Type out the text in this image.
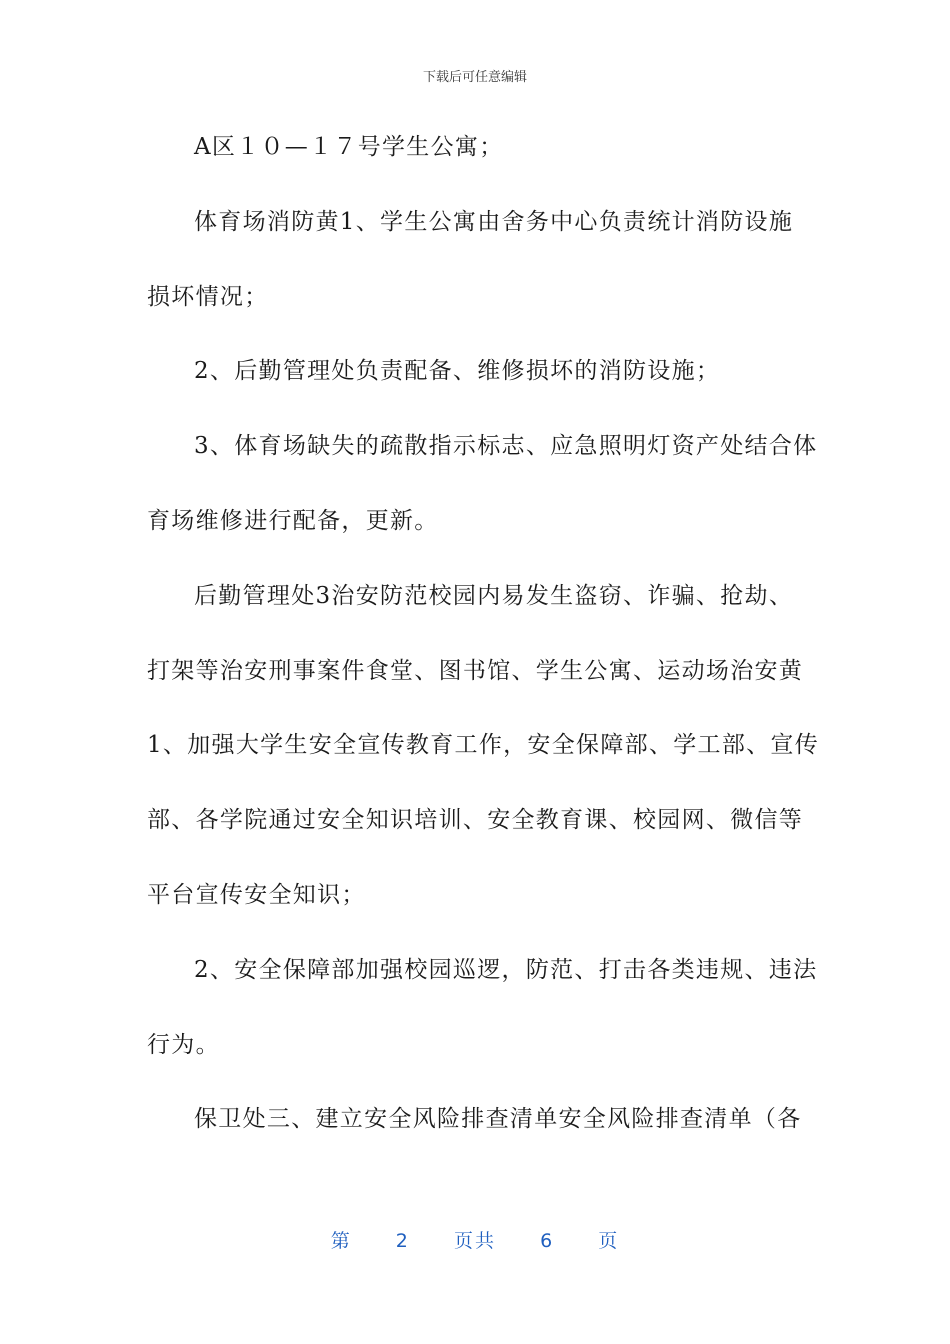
下载后可任意编辑
A区１０—１７号学生公寓；
体育场消防黄1、学生公寓由舍务中心负责统计消防设施
损坏情况；
2、后勤管理处负责配备、维修损坏的消防设施；
3、体育场缺失的疏散指示标志、应急照明灯资产处结合体
育场维修进行配备，更新。
后勤管理处3治安防范校园内易发生盗窃、诈骗、抢劫、
打架等治安刑事案件食堂、图书馆、学生公寓、运动场治安黄
1、加强大学生安全宣传教育工作，安全保障部、学工部、宣传
部、各学院通过安全知识培训、安全教育课、校园网、微信等
平台宣传安全知识；
2、安全保障部加强校园巡逻，防范、打击各类违规、违法
行为。
保卫处三、建立安全风险排查清单安全风险排查清单（各
第 2 页共 6 页
